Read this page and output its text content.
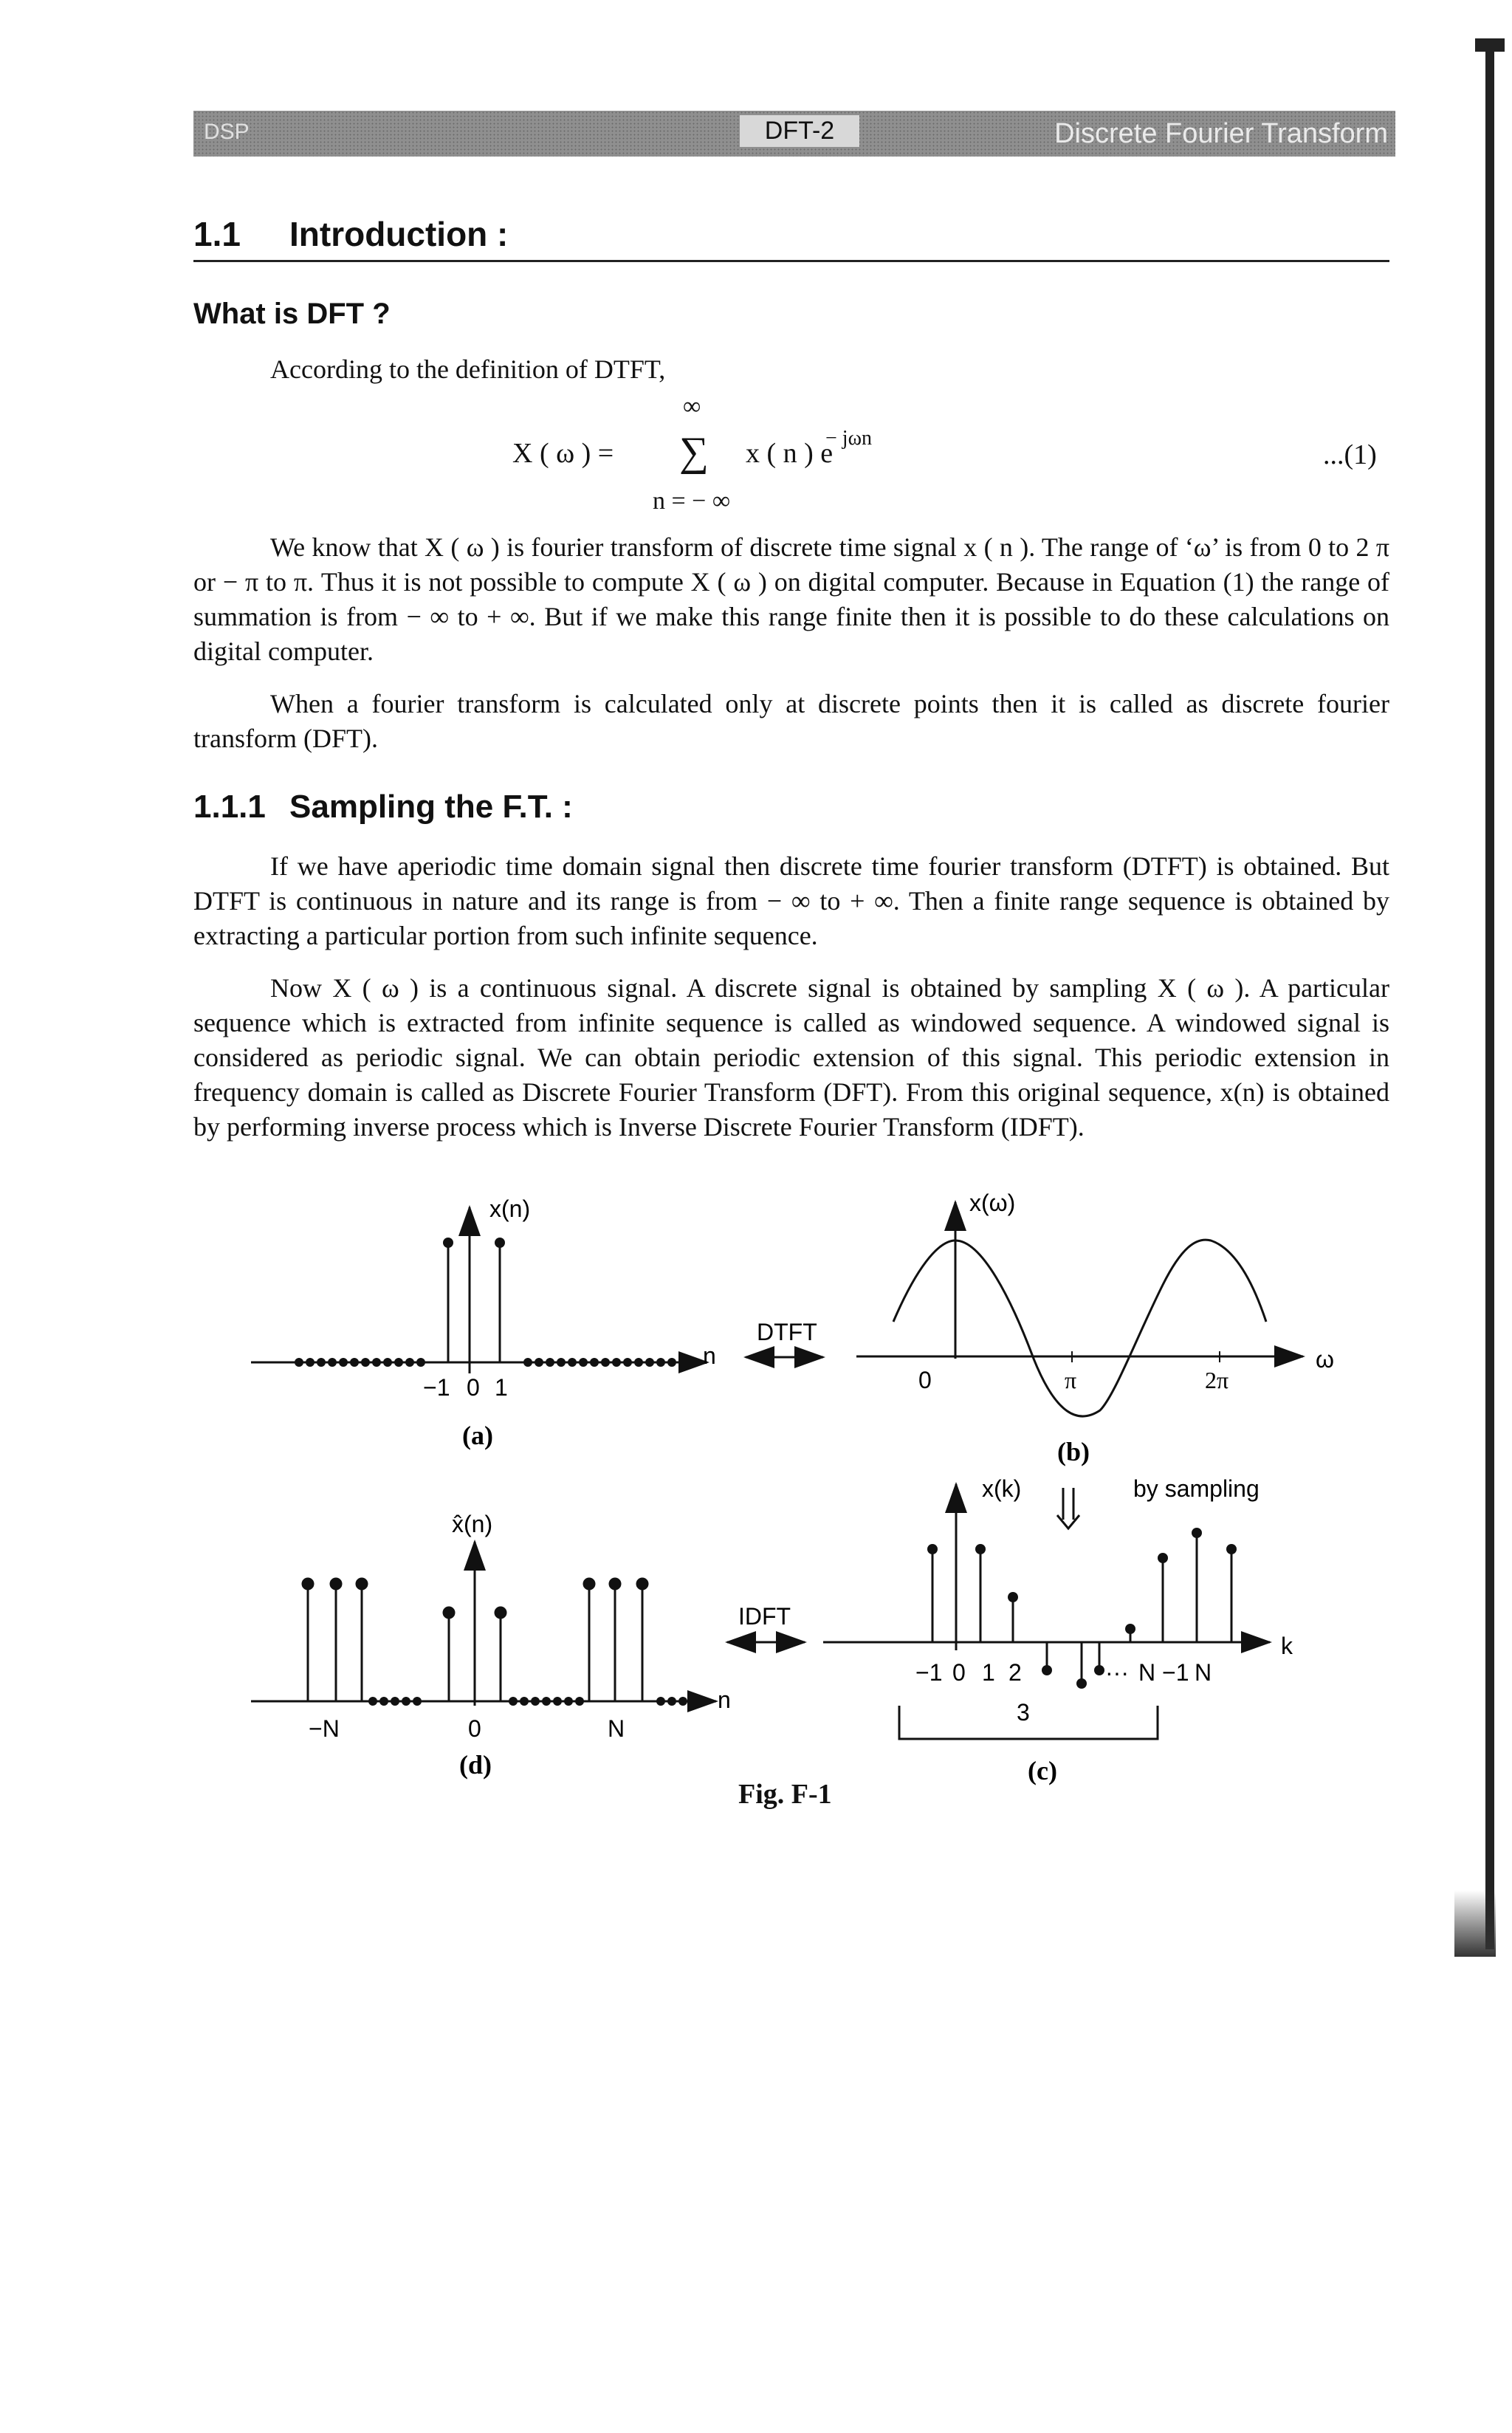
DSP	DFT-2	Discrete Fourier Transform
1.1 Introduction :
What is DFT ?
According to the definition of DTFT,
X ( ω ) =
∞
∑
n = − ∞
x ( n ) e
− jωn
...(1)
We know that X ( ω ) is fourier transform of discrete time signal x ( n ). The range of ‘ω’ is from 0 to 2 π or − π to π. Thus it is not possible to compute X ( ω ) on digital computer. Because in Equation (1) the range of summation is from − ∞ to + ∞. But if we make this range finite then it is possible to do these calculations on digital computer.
When a fourier transform is calculated only at discrete points then it is called as discrete fourier transform (DFT).
1.1.1 Sampling the F.T. :
If we have aperiodic time domain signal then discrete time fourier transform (DTFT) is obtained. But DTFT is continuous in nature and its range is from − ∞ to + ∞. Then a finite range sequence is obtained by extracting a particular portion from such infinite sequence.
Now X ( ω ) is a continuous signal. A discrete signal is obtained by sampling X ( ω ). A particular sequence which is extracted from infinite sequence is called as windowed sequence. A windowed signal is considered as periodic signal. We can obtain periodic extension of this signal. This periodic extension in frequency domain is called as Discrete Fourier Transform (DFT). From this original sequence, x(n) is obtained by performing inverse process which is Inverse Discrete Fourier Transform (IDFT).
x(n)
n
−1 0 1
(a)
DTFT
x(ω)
ω
0	π	2π
(b)
by sampling
x(k)
k
−1 0 1 2	··· N −1 N
3
(c)
IDFT
x̂(n)
n
−N	0	N
(d)
Fig. F-1
